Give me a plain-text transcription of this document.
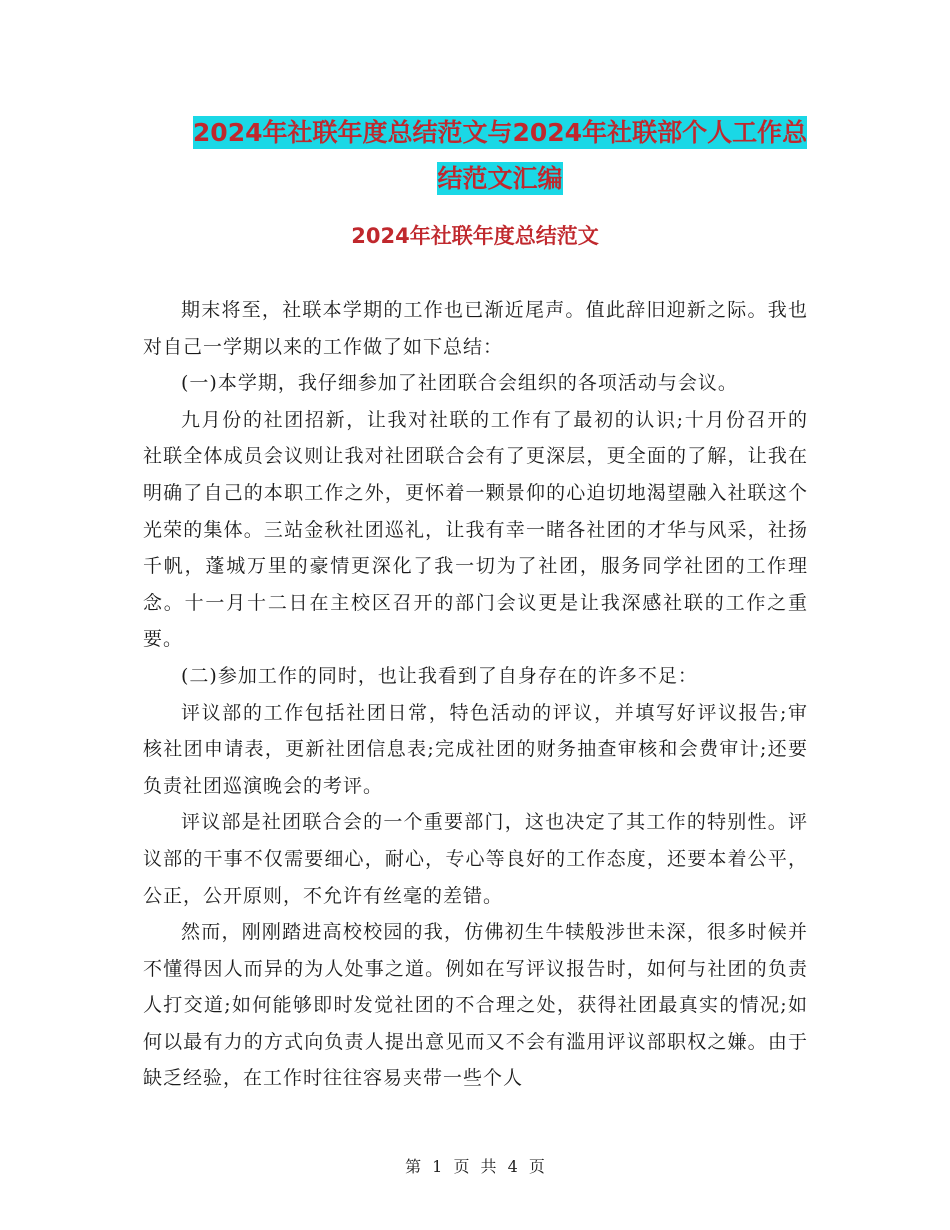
2024年社联年度总结范文与2024年社联部个人工作总
结范文汇编
2024年社联年度总结范文

期末将至，社联本学期的工作也已渐近尾声。值此辞旧迎新之际。我也对自己一学期以来的工作做了如下总结：

(一)本学期，我仔细参加了社团联合会组织的各项活动与会议。

九月份的社团招新，让我对社联的工作有了最初的认识;十月份召开的社联全体成员会议则让我对社团联合会有了更深层，更全面的了解，让我在明确了自己的本职工作之外，更怀着一颗景仰的心迫切地渴望融入社联这个光荣的集体。三站金秋社团巡礼，让我有幸一睹各社团的才华与风采，社扬千帆，蓬城万里的豪情更深化了我一切为了社团，服务同学社团的工作理念。十一月十二日在主校区召开的部门会议更是让我深感社联的工作之重要。

(二)参加工作的同时，也让我看到了自身存在的许多不足：

评议部的工作包括社团日常，特色活动的评议，并填写好评议报告;审核社团申请表，更新社团信息表;完成社团的财务抽查审核和会费审计;还要负责社团巡演晚会的考评。

评议部是社团联合会的一个重要部门，这也决定了其工作的特别性。评议部的干事不仅需要细心，耐心，专心等良好的工作态度，还要本着公平，公正，公开原则，不允许有丝毫的差错。

然而，刚刚踏进高校校园的我，仿佛初生牛犊般涉世未深，很多时候并不懂得因人而异的为人处事之道。例如在写评议报告时，如何与社团的负责人打交道;如何能够即时发觉社团的不合理之处，获得社团最真实的情况;如何以最有力的方式向负责人提出意见而又不会有滥用评议部职权之嫌。由于缺乏经验，在工作时往往容易夹带一些个人

第 1 页 共 4 页
